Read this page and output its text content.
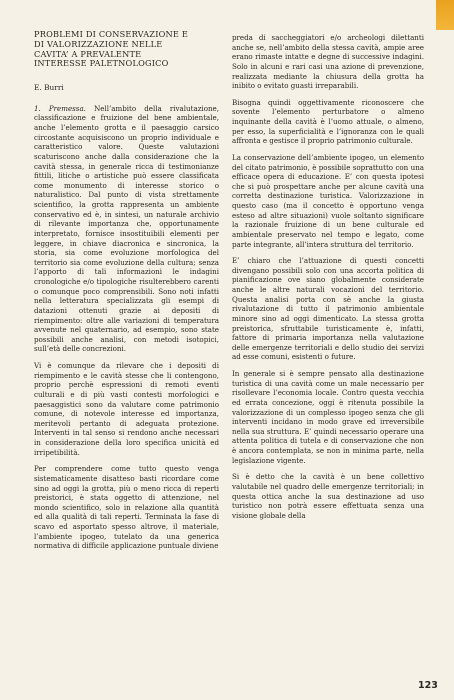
PROBLEMI DI CONSERVAZIONE E
DI VALORIZZAZIONE NELLE
CAVITA’ A PREVALENTE
INTERESSE PALETNOLOGICO
E. Burri

1. Premessa. Nell’ambito della rivalutazione, classificazione e fruizione del bene ambientale, anche l’elemento grotta e il paesaggio carsico circostante acquisiscono un proprio individuale e caratteristico valore. Queste valutazioni scaturiscono anche dalla considerazione che la cavità stessa, in generale ricca di testimonianze fittili, litiche o artistiche può essere classificata come monumento di interesse storico o naturalistico. Dal punto di vista strettamente scientifico, la grotta rappresenta un ambiente conservativo ed è, in sintesi, un naturale archivio di rilevante importanza che, opportunamente interpretato, fornisce insostituibili elementi per leggere, in chiave diacronica e sincronica, la storia, sia come evoluzione morfologica del territorio sia come evoluzione della cultura; senza l’apporto di tali informazioni le indagini cronologiche e/o tipologiche risulterebbero carenti o comunque poco comprensibili. Sono noti infatti nella letteratura specializzata gli esempi di datazioni ottenuti grazie ai depositi di riempimento: oltre alle variazioni di temperatura avvenute nel quaternario, ad esempio, sono state possibili anche analisi, con metodi isotopici, sull’età delle concrezioni.

Vi è comunque da rilevare che i depositi di riempimento e le cavità stesse che li contengono, proprio perchè espressioni di remoti eventi culturali e di più vasti contesti morfologici e paesaggistici sono da valutare come patrimonio comune, di notevole interesse ed importanza, meritevoli pertanto di adeguata protezione. Interventi in tal senso si rendono anche necessari in considerazione della loro specifica unicità ed irripetibilità.

Per comprendere come tutto questo venga sistematicamente disatteso basti ricordare come sino ad oggi la grotta, più o meno ricca di reperti preistorici, è stata oggetto di attenzione, nel mondo scientifico, solo in relazione alla quantità ed alla qualità di tali reperti. Terminata la fase di scavo ed asportato spesso altrove, il materiale, l’ambiente ipogeo, tutelato da una generica normativa di difficile applicazione puntuale diviene

preda di saccheggiatori e/o archeologi dilettanti anche se, nell’ambito della stessa cavità, ampie aree erano rimaste intatte e degne di successive indagini. Solo in alcuni e rari casi una azione di prevenzione, realizzata mediante la chiusura della grotta ha inibito o evitato guasti irreparabili.

Bisogna quindi oggettivamente riconoscere che sovente l’elemento perturbatore o almeno inquinante della cavità è l’uomo attuale, o almeno, per esso, la superficialità e l’ignoranza con le quali affronta e gestisce il proprio patrimonio culturale.

La conservazione dell’ambiente ipogeo, un elemento del citato patrimonio, è possibile soprattutto con una efficace opera di educazione. E’ con questa ipotesi che si può prospettare anche per alcune cavità una corretta destinazione turistica. Valorizzazione in questo caso (ma il concetto è opportuno venga esteso ad altre situazioni) vuole soltanto significare la razionale fruizione di un bene culturale ed ambientale preservato nel tempo e legato, come parte integrante, all’intera struttura del territorio.

E’ chiaro che l’attuazione di questi concetti divengano possibili solo con una accorta politica di pianificazione ove siano globalmente considerate anche le altre naturali vocazioni del territorio. Questa analisi porta con sè anche la giusta rivalutazione di tutto il patrimonio ambientale minore sino ad oggi dimenticato. La stessa grotta preistorica, sfruttabile turisticamente è, infatti, fattore di primaria importanza nella valutazione delle emergenze territoriali e dello studio dei servizi ad esse comuni, esistenti o future.

In generale si è sempre pensato alla destinazione turistica di una cavità come un male necessario per risollevare l’economia locale. Contro questa vecchia ed errata concezione, oggi è ritenuta possibile la valorizzazione di un complesso ipogeo senza che gli interventi incidano in modo grave ed irreversibile nella sua struttura. E’ quindi necessario operare una attenta politica di tutela e di conservazione che non è ancora contemplata, se non in minima parte, nella legislazione vigente.

Si è detto che la cavità è un bene collettivo valutabile nel quadro delle emergenze territoriali; in questa ottica anche la sua destinazione ad uso turistico non potrà essere effettuata senza una visione globale della

123
